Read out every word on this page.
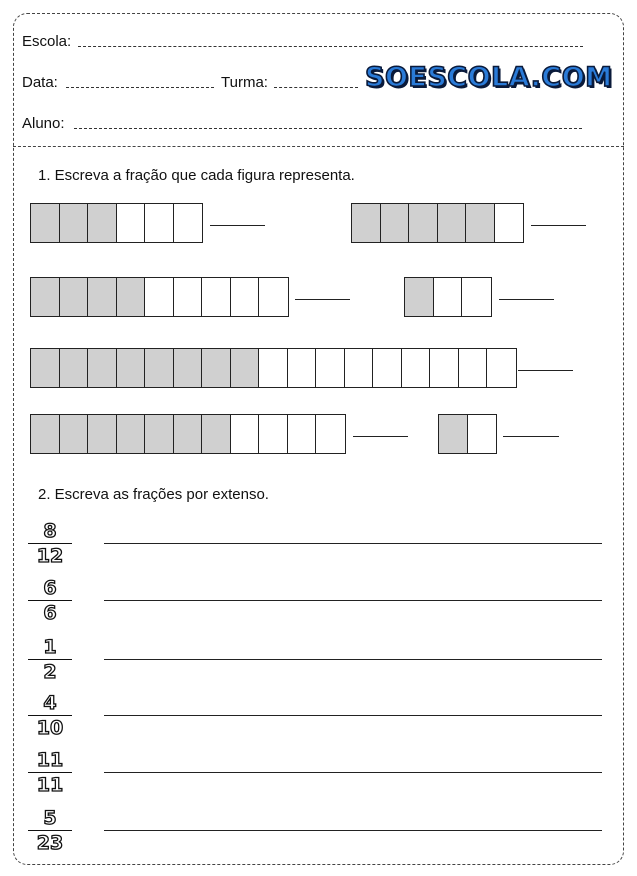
Escola:
Data:	Turma:	SOESCOLA.COM
Aluno:
1. Escreva a fração que cada figura representa.
2. Escreva as frações por extenso.
8
12
6
6
1
2
4
10
11
11
5
23
